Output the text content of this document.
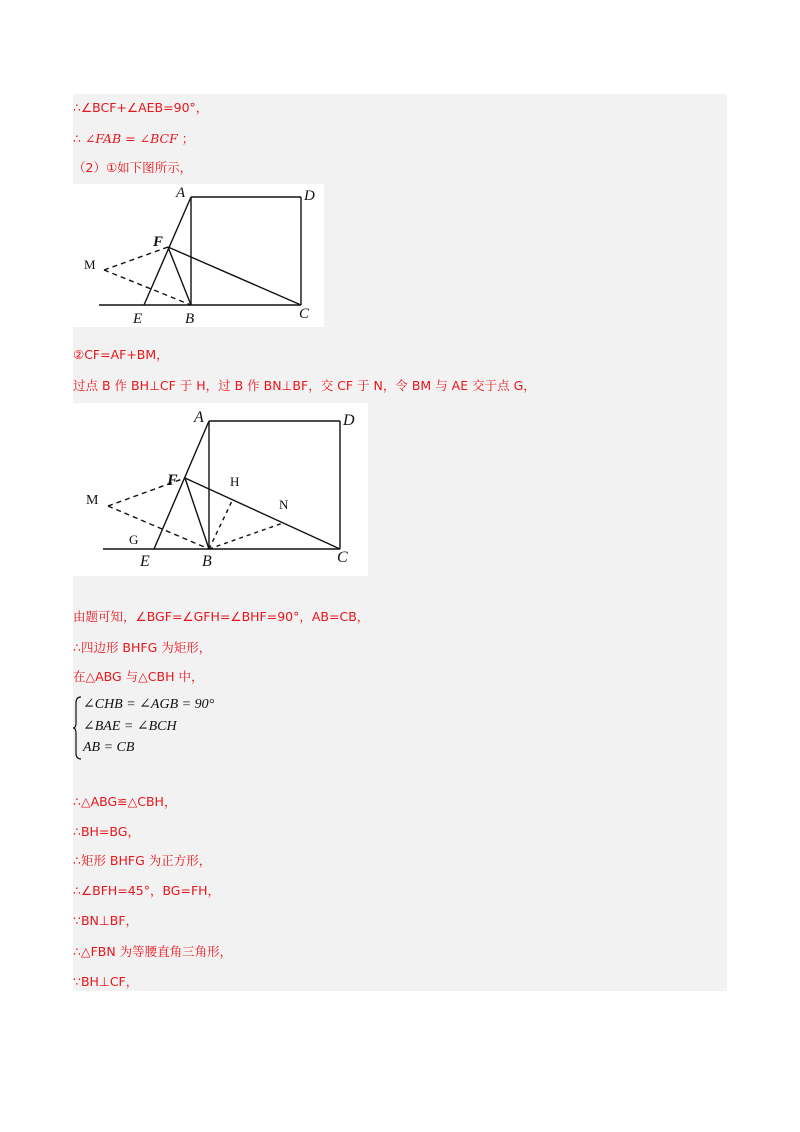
∴∠BCF+∠AEB=90°，
∴ ∠FAB = ∠BCF ；
（2）①如下图所示，
A	D
F
M
E	B	C
②CF=AF+BM，
过点 B 作 BH⊥CF 于 H，过 B 作 BN⊥BF，交 CF 于 N，令 BM 与 AE 交于点 G，
A	D
F	H
M	N
G
E	B	C
由题可知，∠BGF=∠GFH=∠BHF=90°，AB=CB，
∴四边形 BHFG 为矩形，
在△ABG 与△CBH 中，
∠CHB = ∠AGB = 90°
∠BAE = ∠BCH
AB = CB
∴△ABG≌△CBH，
∴BH=BG，
∴矩形 BHFG 为正方形，
∴∠BFH=45°，BG=FH，
∵BN⊥BF，
∴△FBN 为等腰直角三角形，
∵BH⊥CF，
